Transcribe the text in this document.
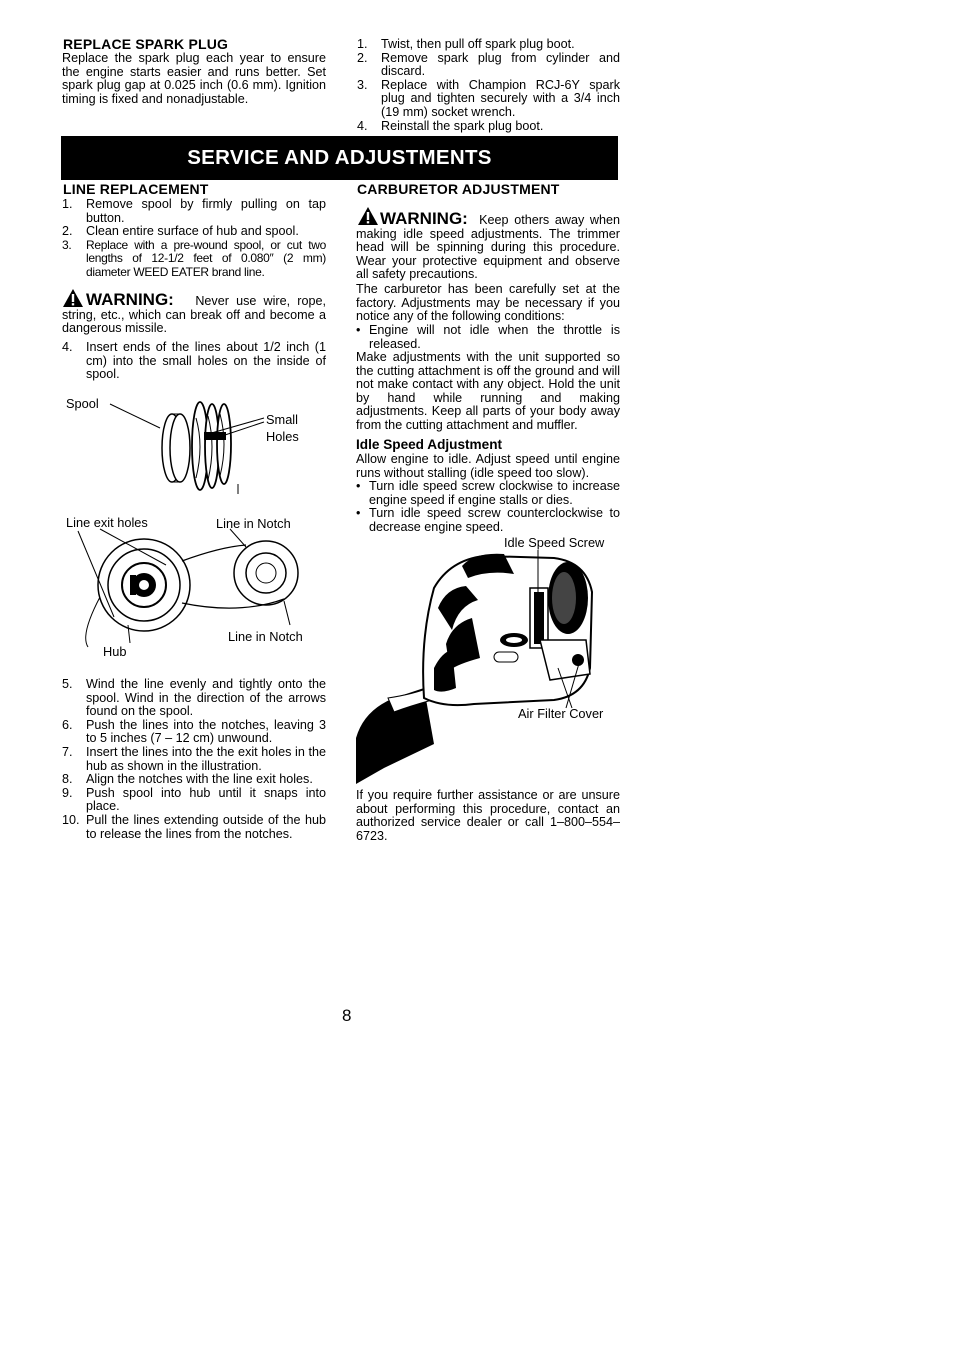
REPLACE SPARK PLUG
Replace the spark plug each year to ensure the engine starts easier and runs better. Set spark plug gap at 0.025 inch (0.6 mm). Ignition timing is fixed and nonadjustable.
1. Twist, then pull off spark plug boot.
2. Remove spark plug from cylinder and discard.
3. Replace with Champion RCJ-6Y spark plug and tighten securely with a 3/4 inch (19 mm) socket wrench.
4. Reinstall the spark plug boot.
SERVICE AND ADJUSTMENTS
LINE REPLACEMENT
1. Remove spool by firmly pulling on tap button.
2. Clean entire surface of hub and spool.
3. Replace with a pre-wound spool, or cut two lengths of 12-1/2 feet of 0.080″ (2 mm) diameter WEED EATER brand line.
WARNING: Never use wire, rope, string, etc., which can break off and become a dangerous missile.
4. Insert ends of the lines about 1/2 inch (1 cm) into the small holes on the inside of spool.
Spool
Small
Holes
Line exit holes	Line in Notch
Line in Notch
Hub
5. Wind the line evenly and tightly onto the spool. Wind in the direction of the arrows found on the spool.
6. Push the lines into the notches, leaving 3 to 5 inches (7 – 12 cm) unwound.
7. Insert the lines into the the exit holes in the hub as shown in the illustration.
8. Align the notches with the line exit holes.
9. Push spool into hub until it snaps into place.
10. Pull the lines extending outside of the hub to release the lines from the notches.
CARBURETOR ADJUSTMENT
WARNING: Keep others away when making idle speed adjustments. The trimmer head will be spinning during this procedure. Wear your protective equipment and observe all safety precautions.
The carburetor has been carefully set at the factory. Adjustments may be necessary if you notice any of the following conditions:
• Engine will not idle when the throttle is released.
Make adjustments with the unit supported so the cutting attachment is off the ground and will not make contact with any object. Hold the unit by hand while running and making adjustments. Keep all parts of your body away from the cutting attachment and muffler.
Idle Speed Adjustment
Allow engine to idle. Adjust speed until engine runs without stalling (idle speed too slow).
• Turn idle speed screw clockwise to increase engine speed if engine stalls or dies.
• Turn idle speed screw counterclockwise to decrease engine speed.
Idle Speed Screw
Air Filter Cover
If you require further assistance or are unsure about performing this procedure, contact an authorized service dealer or call 1–800–554–6723.
8
